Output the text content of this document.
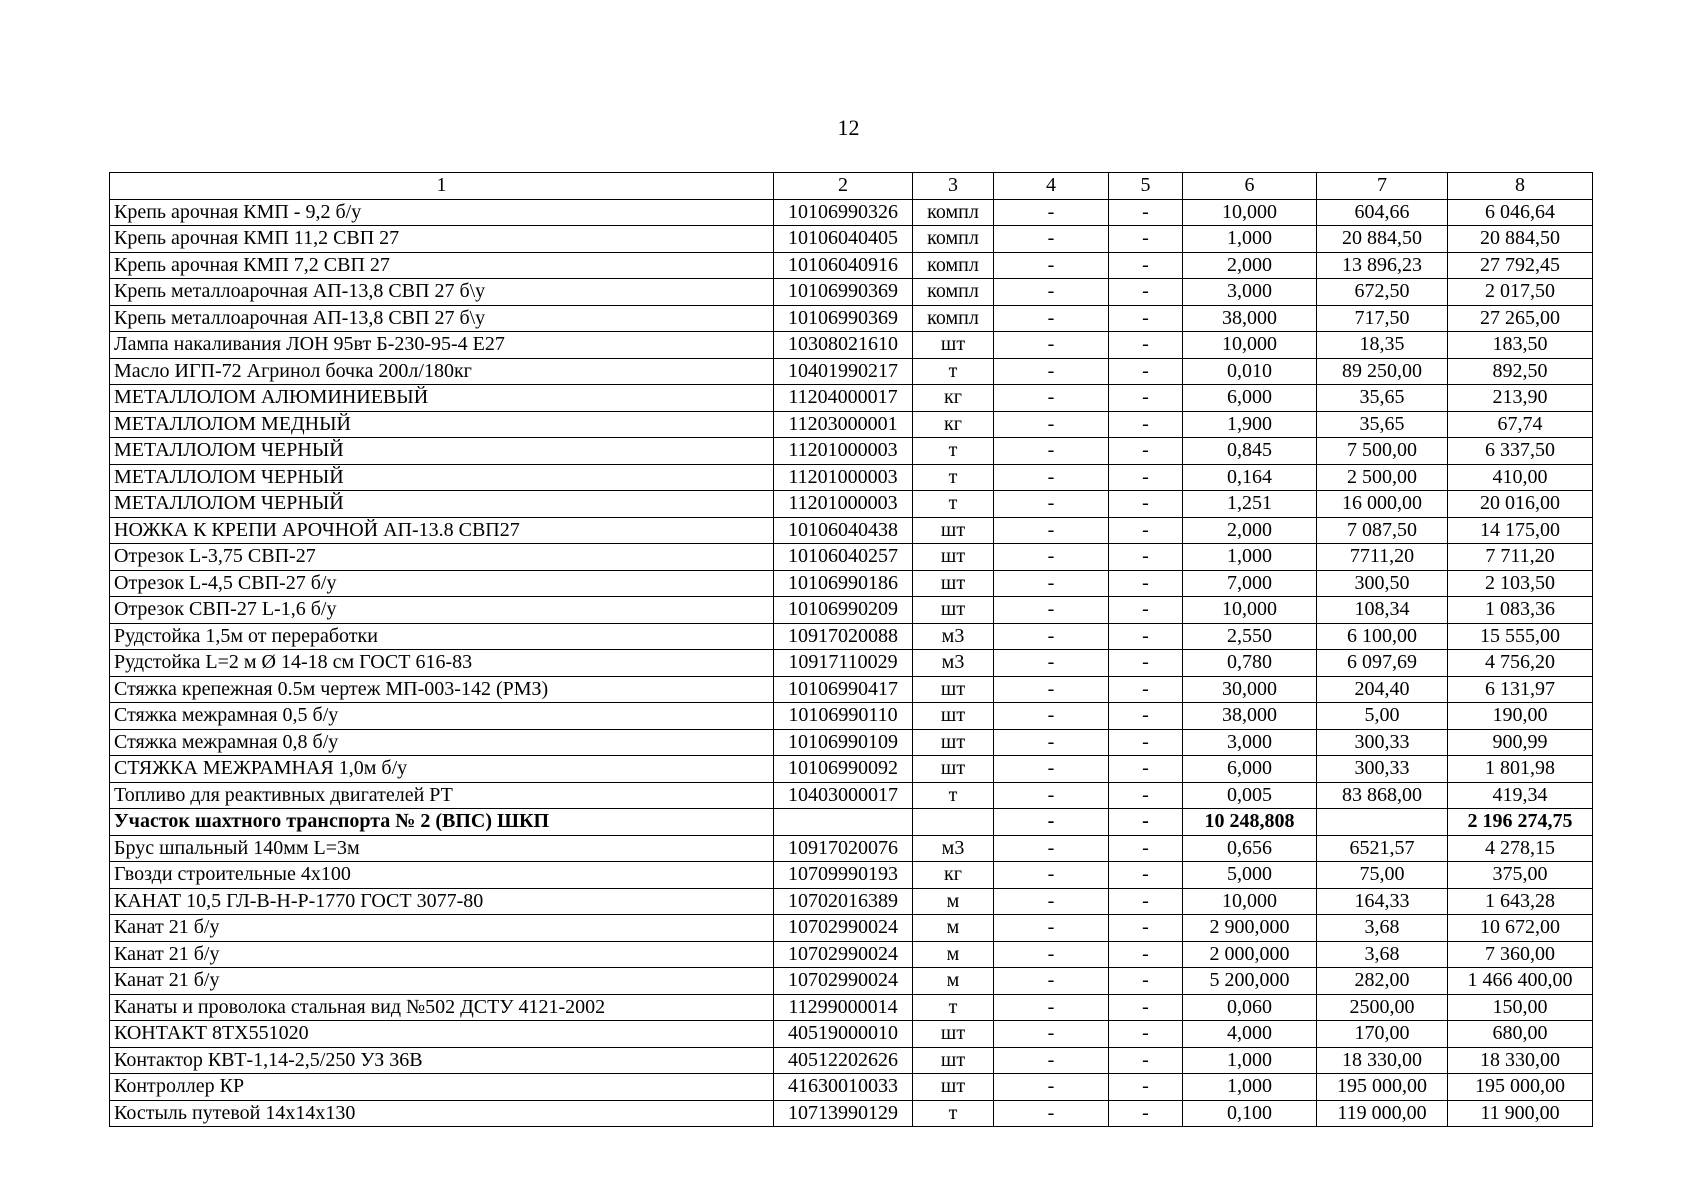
12
1	2	3	4	5	6	7	8
Крепь арочная КМП - 9,2 б/у	10106990326	компл	-	-	10,000	604,66	6 046,64
Крепь арочная КМП 11,2 СВП 27	10106040405	компл	-	-	1,000	20 884,50	20 884,50
Крепь арочная КМП 7,2 СВП 27	10106040916	компл	-	-	2,000	13 896,23	27 792,45
Крепь металлоарочная АП-13,8 СВП 27 б\у	10106990369	компл	-	-	3,000	672,50	2 017,50
Крепь металлоарочная АП-13,8 СВП 27 б\у	10106990369	компл	-	-	38,000	717,50	27 265,00
Лампа накаливания ЛОН 95вт Б-230-95-4 Е27	10308021610	шт	-	-	10,000	18,35	183,50
Масло ИГП-72 Агринол бочка 200л/180кг	10401990217	т	-	-	0,010	89 250,00	892,50
МЕТАЛЛОЛОМ АЛЮМИНИЕВЫЙ	11204000017	кг	-	-	6,000	35,65	213,90
МЕТАЛЛОЛОМ МЕДНЫЙ	11203000001	кг	-	-	1,900	35,65	67,74
МЕТАЛЛОЛОМ ЧЕРНЫЙ	11201000003	т	-	-	0,845	7 500,00	6 337,50
МЕТАЛЛОЛОМ ЧЕРНЫЙ	11201000003	т	-	-	0,164	2 500,00	410,00
МЕТАЛЛОЛОМ ЧЕРНЫЙ	11201000003	т	-	-	1,251	16 000,00	20 016,00
НОЖКА К КРЕПИ АРОЧНОЙ АП-13.8 СВП27	10106040438	шт	-	-	2,000	7 087,50	14 175,00
Отрезок L-3,75 СВП-27	10106040257	шт	-	-	1,000	7711,20	7 711,20
Отрезок L-4,5 СВП-27 б/у	10106990186	шт	-	-	7,000	300,50	2 103,50
Отрезок СВП-27 L-1,6 б/у	10106990209	шт	-	-	10,000	108,34	1 083,36
Рудстойка 1,5м от переработки	10917020088	м3	-	-	2,550	6 100,00	15 555,00
Рудстойка L=2 м Ø 14-18 см ГОСТ 616-83	10917110029	м3	-	-	0,780	6 097,69	4 756,20
Стяжка крепежная 0.5м чертеж МП-003-142 (РМЗ)	10106990417	шт	-	-	30,000	204,40	6 131,97
Стяжка межрамная 0,5 б/у	10106990110	шт	-	-	38,000	5,00	190,00
Стяжка межрамная 0,8 б/у	10106990109	шт	-	-	3,000	300,33	900,99
СТЯЖКА МЕЖРАМНАЯ 1,0м б/у	10106990092	шт	-	-	6,000	300,33	1 801,98
Топливо для реактивных двигателей РТ	10403000017	т	-	-	0,005	83 868,00	419,34
Участок шахтного транспорта № 2 (ВПС) ШКП			-	-	10 248,808		2 196 274,75
Брус шпальный 140мм L=3м	10917020076	м3	-	-	0,656	6521,57	4 278,15
Гвозди строительные 4х100	10709990193	кг	-	-	5,000	75,00	375,00
КАНАТ 10,5 ГЛ-В-Н-Р-1770 ГОСТ 3077-80	10702016389	м	-	-	10,000	164,33	1 643,28
Канат 21 б/у	10702990024	м	-	-	2 900,000	3,68	10 672,00
Канат 21 б/у	10702990024	м	-	-	2 000,000	3,68	7 360,00
Канат 21 б/у	10702990024	м	-	-	5 200,000	282,00	1 466 400,00
Канаты и проволока стальная вид №502 ДСТУ 4121-2002	11299000014	т	-	-	0,060	2500,00	150,00
КОНТАКТ 8ТХ551020	40519000010	шт	-	-	4,000	170,00	680,00
Контактор КВТ-1,14-2,5/250 УЗ 36В	40512202626	шт	-	-	1,000	18 330,00	18 330,00
Контроллер КР	41630010033	шт	-	-	1,000	195 000,00	195 000,00
Костыль путевой 14х14х130	10713990129	т	-	-	0,100	119 000,00	11 900,00
